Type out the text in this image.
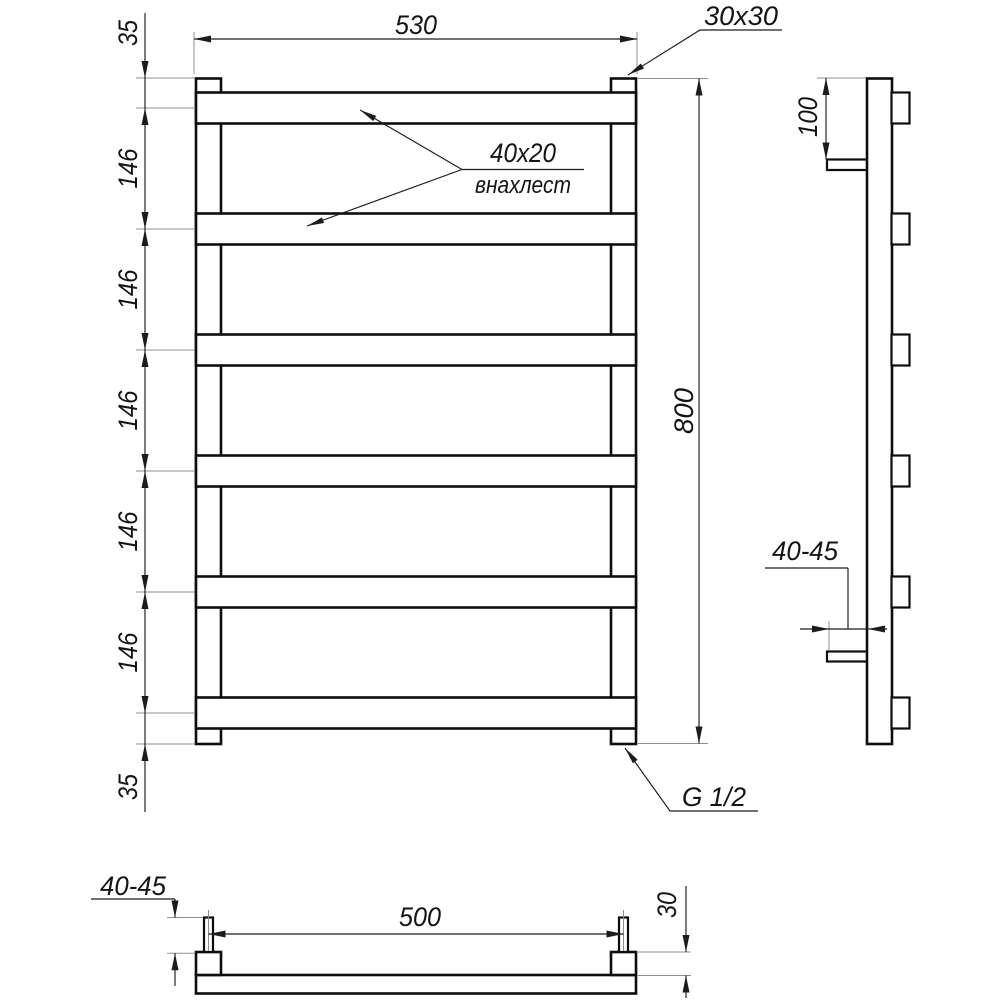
530	30x30
35
146
146
146
146
146
35
800
40x20
внахлест
G 1/2
100
40-45
500
40-45
30
